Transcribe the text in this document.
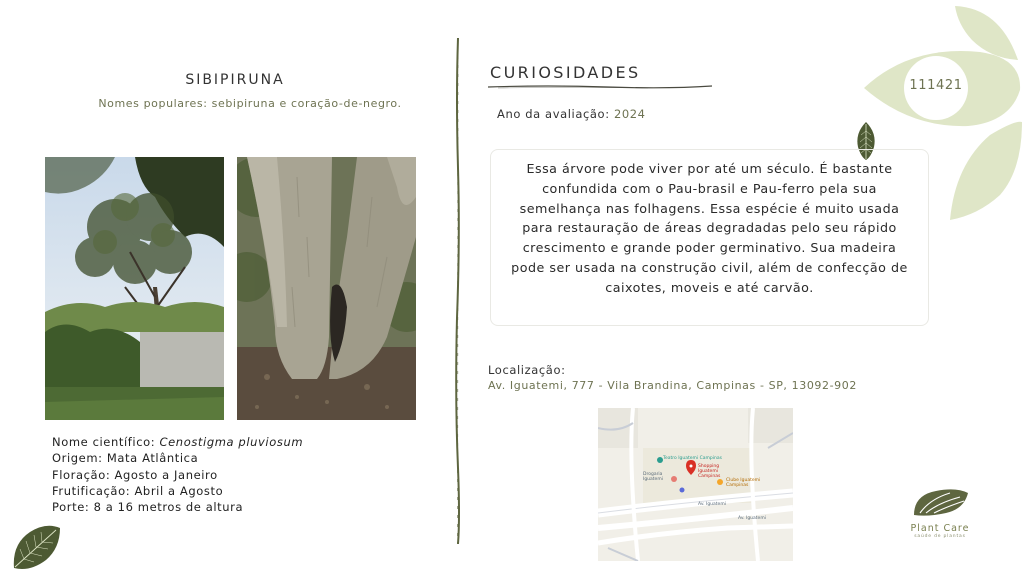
SIBIPIRUNA
Nomes populares: sebipiruna e coração-de-negro.
Nome científico: Cenostigma pluviosum
Origem: Mata Atlântica
Floração: Agosto a Janeiro
Frutificação: Abril a Agosto
Porte: 8 a 16 metros de altura
CURIOSIDADES
Ano da avaliação: 2024

Essa árvore pode viver por até um século. É bastante confundida com o Pau-brasil e Pau-ferro pela sua semelhança nas folhagens. Essa espécie é muito usada para restauração de áreas degradadas pelo seu rápido crescimento e grande poder germinativo. Sua madeira pode ser usada na construção civil, além de confecção de caixotes, moveis e até carvão.

Localização:
Av. Iguatemi, 777 - Vila Brandina, Campinas - SP, 13092-902
Teatro Iguatemi Campinas
Shopping Iguatemi Campinas
Clube Iguatemi Campinas
Drogaria Iguatemi
Av. Iguatemi
Av. Iguatemi
111421
Plant Care
saúde de plantas
